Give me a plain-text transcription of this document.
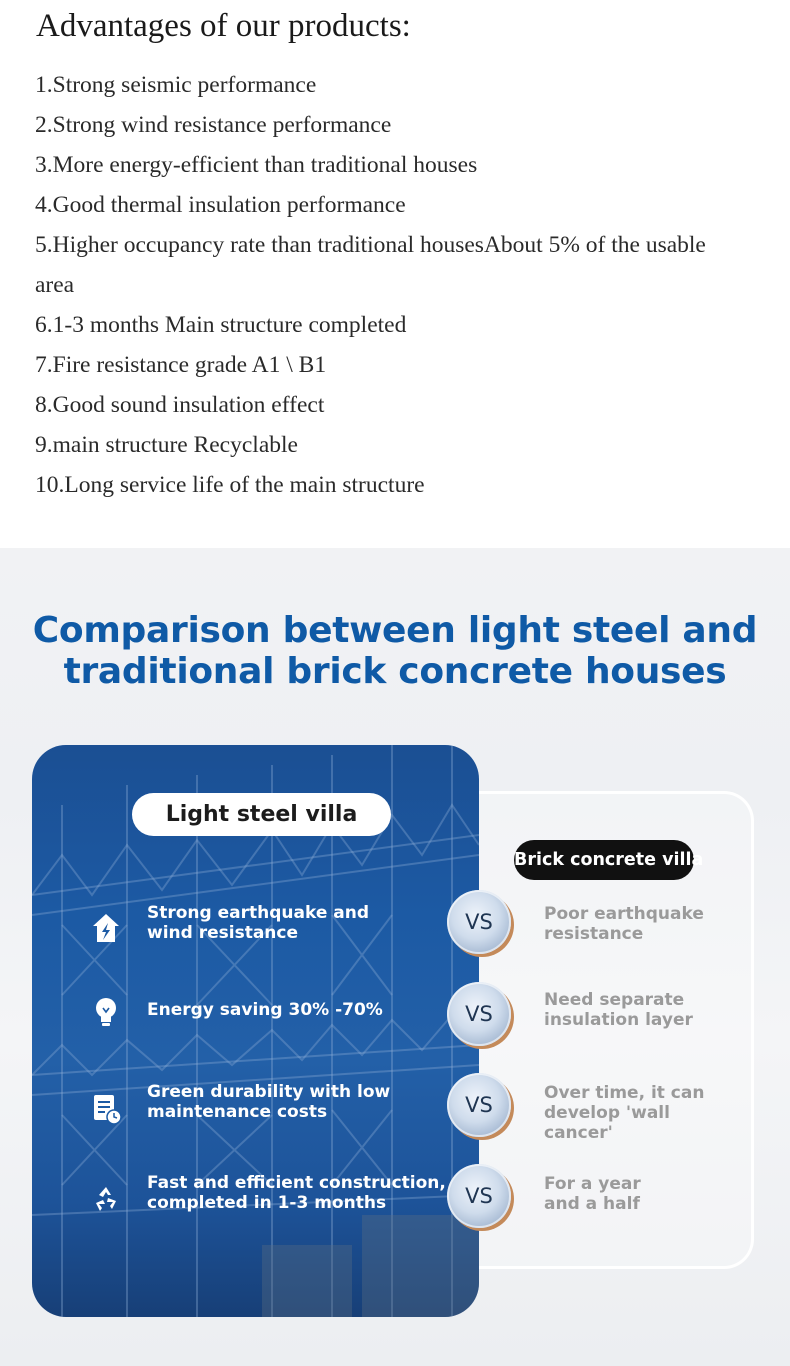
Advantages of our products:
1.Strong seismic performance
2.Strong wind resistance performance
3.More energy-efficient than traditional houses
4.Good thermal insulation performance
5.Higher occupancy rate than traditional housesAbout 5% of the usable area
6.1-3 months Main structure completed
7.Fire resistance grade A1 \ B1
8.Good sound insulation effect
9.main structure Recyclable
10.Long service life of the main structure
Comparison between light steel and
traditional brick concrete houses
Light steel villa
Strong earthquake and
wind resistance
Energy saving 30% -70%
Green durability with low
maintenance costs
Fast and efficient construction,
completed in 1-3 months
Brick concrete villa
VS
VS
VS
VS
Poor earthquake
resistance
Need separate
insulation layer
Over time, it can
develop 'wall cancer'
For a year
and a half
